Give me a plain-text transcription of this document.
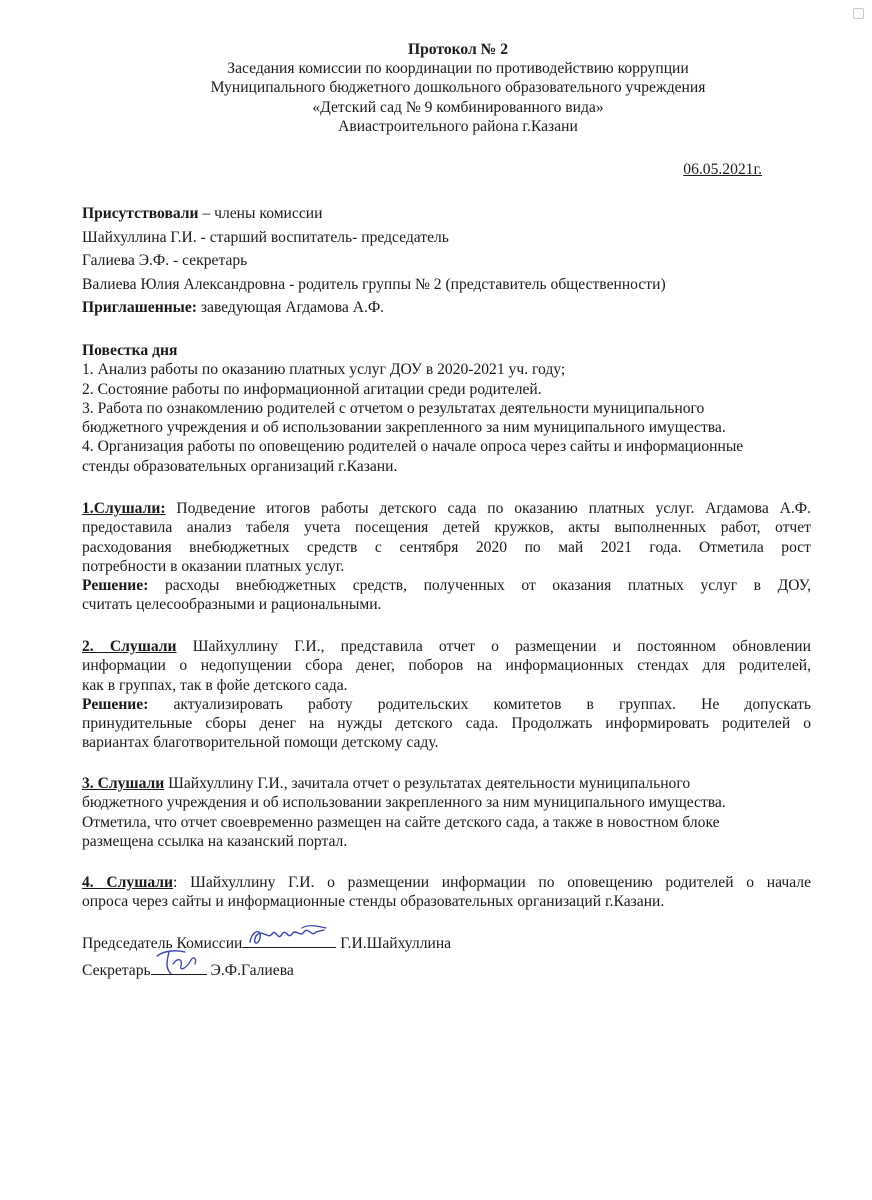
Протокол № 2
Заседания комиссии по координации по противодействию коррупции
Муниципального бюджетного дошкольного образовательного учреждения
«Детский сад № 9 комбинированного вида»
Авиастроительного района г.Казани
06.05.2021г.
Присутствовали – члены комиссии
Шайхуллина Г.И. - старший воспитатель- председатель
Галиева Э.Ф. - секретарь
Валиева Юлия Александровна - родитель группы № 2 (представитель общественности)
Приглашенные: заведующая Агдамова А.Ф.
Повестка дня
1. Анализ работы по оказанию платных услуг ДОУ в 2020-2021 уч. году;
2. Состояние работы по информационной агитации среди родителей.
3. Работа по ознакомлению родителей с отчетом о результатах деятельности муниципального
бюджетного учреждения и об использовании закрепленного за ним муниципального имущества.
4. Организация работы по оповещению родителей о начале опроса через сайты и информационные
стенды образовательных организаций г.Казани.
1.Слушали: Подведение итогов работы детского сада по оказанию платных услуг. Агдамова А.Ф.
предоставила анализ табеля учета посещения детей кружков, акты выполненных работ, отчет
расходования внебюджетных средств с сентября 2020 по май 2021 года. Отметила рост
потребности в оказании платных услуг.
Решение: расходы внебюджетных средств, полученных от оказания платных услуг в ДОУ,
считать целесообразными и рациональными.
2. Слушали Шайхуллину Г.И., представила отчет о размещении и постоянном обновлении
информации о недопущении сбора денег, поборов на информационных стендах для родителей,
как в группах, так в фойе детского сада.
Решение: актуализировать работу родительских комитетов в группах. Не допускать
принудительные сборы денег на нужды детского сада. Продолжать информировать родителей о
вариантах благотворительной помощи детскому саду.
3. Слушали Шайхуллину Г.И., зачитала отчет о результатах деятельности муниципального
бюджетного учреждения и об использовании закрепленного за ним муниципального имущества.
Отметила, что отчет своевременно размещен на сайте детского сада, а также в новостном блоке
размещена ссылка на казанский портал.
4. Слушали: Шайхуллину Г.И. о размещении информации по оповещению родителей о начале
опроса через сайты и информационные стенды образовательных организаций г.Казани.
Председатель Комиссии	Г.И.Шайхуллина
Секретарь	Э.Ф.Галиева
